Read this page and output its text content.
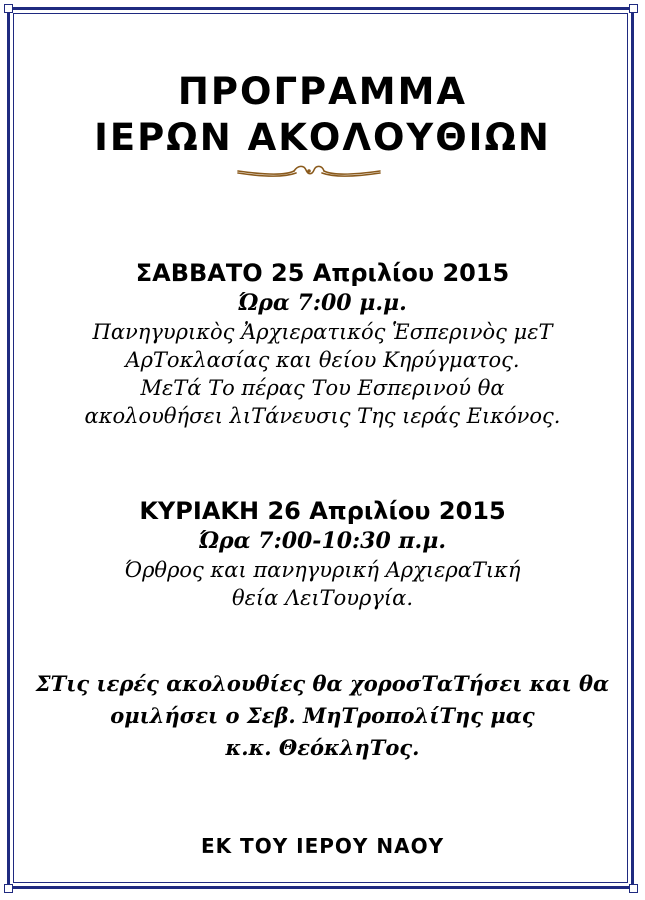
ΠΡΟΓΡΑΜΜΑ
ΙΕΡΩΝ ΑΚΟΛΟΥΘΙΩΝ
ΣΑΒΒΑΤΟ 25 Απριλίου 2015
Ώρα 7:00 μ.μ.
Πανηγυρικὸς Ἀρχιερατικός Ἑσπερινὸς μεΤ
ΑρΤοκλασίας και θείου Κηρύγματος.
ΜεΤά Το πέρας Του Εσπερινού θα
ακολουθήσει λιΤάνευσις Της ιεράς Εικόνος.
ΚΥΡΙΑΚΗ 26 Απριλίου 2015
Ώρα 7:00-10:30 π.μ.
Όρθρος και πανηγυρική ΑρχιεραΤική
θεία ΛειΤουργία.
ΣΤις ιερές ακολουθίες θα χοροσΤαΤήσει και θα
ομιλήσει ο Σεβ. ΜηΤροπολίΤης μας
κ.κ. ΘεόκληΤος.
ΕΚ ΤΟΥ ΙΕΡΟΥ ΝΑΟΥ
